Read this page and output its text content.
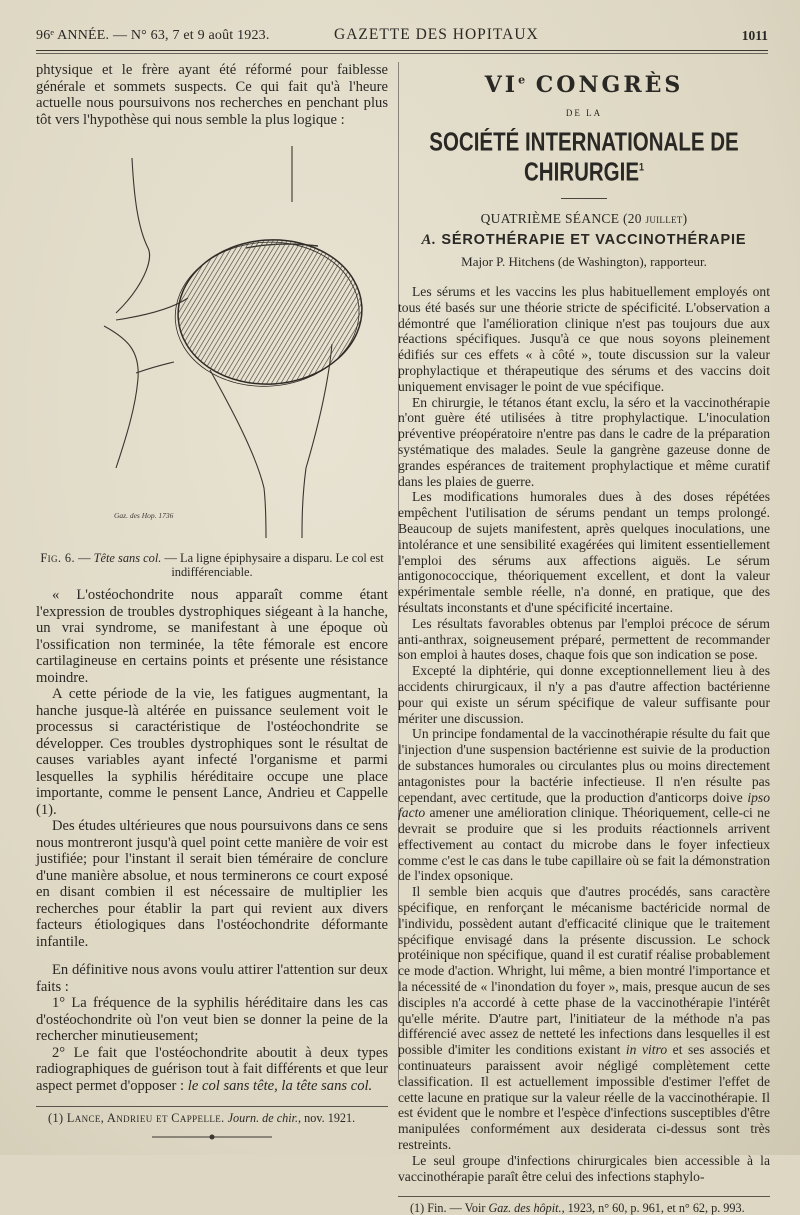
96ᵉ ANNÉE. — N° 63, 7 et 9 août 1923.	GAZETTE DES HOPITAUX	1011

phtysique et le frère ayant été réformé pour faiblesse générale et sommets suspects. Ce qui fait qu'à l'heure actuelle nous poursuivons nos recherches en penchant plus tôt vers l'hypothèse qui nous semble la plus logique :

Gaz. des Hop. 1736
Fig. 6. — Tête sans col. — La ligne épiphysaire a disparu. Le col est indifférenciable.

« L'ostéochondrite nous apparaît comme étant l'expression de troubles dystrophiques siégeant à la hanche, un vrai syndrome, se manifestant à une époque où l'ossification non terminée, la tête fémorale est encore cartilagineuse en certains points et présente une résistance moindre.

A cette période de la vie, les fatigues augmentant, la hanche jusque-là altérée en puissance seulement voit le processus si caractéristique de l'ostéochondrite se développer. Ces troubles dystrophiques sont le résultat de causes variables ayant infecté l'organisme et parmi lesquelles la syphilis héréditaire occupe une place importante, comme le pensent Lance, Andrieu et Cappelle (1).

Des études ultérieures que nous poursuivons dans ce sens nous montreront jusqu'à quel point cette manière de voir est justifiée; pour l'instant il serait bien téméraire de conclure d'une manière absolue, et nous terminerons ce court exposé en disant combien il est nécessaire de multiplier les recherches pour établir la part qui revient aux divers facteurs étiologiques dans l'ostéochondrite déformante infantile.

En définitive nous avons voulu attirer l'attention sur deux faits :

1° La fréquence de la syphilis héréditaire dans les cas d'ostéochondrite où l'on veut bien se donner la peine de la rechercher minutieusement;

2° Le fait que l'ostéochondrite aboutit à deux types radiographiques de guérison tout à fait différents et que leur aspect permet d'opposer : le col sans tête, la tête sans col.

(1) Lance, Andrieu et Cappelle. Journ. de chir., nov. 1921.

VIe CONGRÈS
DE LA
SOCIÉTÉ INTERNATIONALE DE CHIRURGIE$^1$
QUATRIÈME SÉANCE (20 juillet)
A. SÉROTHÉRAPIE ET VACCINOTHÉRAPIE
Major P. Hitchens (de Washington), rapporteur.

Les sérums et les vaccins les plus habituellement employés ont tous été basés sur une théorie stricte de spécificité. L'observation a démontré que l'amélioration clinique n'est pas toujours due aux réactions spécifiques. Jusqu'à ce que nous soyons pleinement édifiés sur ces effets « à côté », toute discussion sur la valeur prophylactique et thérapeutique des sérums et des vaccins doit uniquement envisager le point de vue spécifique.

En chirurgie, le tétanos étant exclu, la séro et la vaccinothérapie n'ont guère été utilisées à titre prophylactique. L'inoculation préventive préopératoire n'entre pas dans le cadre de la préparation systématique des malades. Seule la gangrène gazeuse donne de grandes espérances de traitement prophylactique et même curatif dans les plaies de guerre.

Les modifications humorales dues à des doses répétées empêchent l'utilisation de sérums pendant un temps prolongé. Beaucoup de sujets manifestent, après quelques inoculations, une intolérance et une sensibilité exagérées qui limitent essentiellement l'emploi des sérums aux affections aiguës. Le sérum antigonococcique, théoriquement excellent, et dont la valeur expérimentale semble réelle, n'a donné, en pratique, que des résultats inconstants et d'une spécificité incertaine.

Les résultats favorables obtenus par l'emploi précoce de sérum anti-anthrax, soigneusement préparé, permettent de recommander son emploi à hautes doses, chaque fois que son indication se pose.

Excepté la diphtérie, qui donne exceptionnellement lieu à des accidents chirurgicaux, il n'y a pas d'autre affection bactérienne pour qui existe un sérum spécifique de valeur suffisante pour mériter une discussion.

Un principe fondamental de la vaccinothérapie résulte du fait que l'injection d'une suspension bactérienne est suivie de la production de substances humorales ou circulantes plus ou moins directement antagonistes pour la bactérie infectieuse. Il n'en résulte pas cependant, avec certitude, que la production d'anticorps doive ipso facto amener une amélioration clinique. Théoriquement, celle-ci ne devrait se produire que si les produits réactionnels arrivent effectivement au contact du microbe dans le foyer infectieux comme c'est le cas dans le tube capillaire où se fait la démonstration de l'index opsonique.

Il semble bien acquis que d'autres procédés, sans caractère spécifique, en renforçant le mécanisme bactéricide normal de l'individu, possèdent autant d'efficacité clinique que le traitement spécifique envisagé dans la présente discussion. Le schock protéinique non spécifique, quand il est curatif réalise probablement ce mode d'action. Whright, lui même, a bien montré l'importance et la nécessité de « l'inondation du foyer », mais, presque aucun de ses disciples n'a accordé à cette phase de la vaccinothérapie l'intérêt qu'elle mérite. D'autre part, l'initiateur de la méthode n'a pas différencié avec assez de netteté les infections dans lesquelles il est possible d'imiter les conditions existant in vitro et ses associés et continuateurs paraissent avoir négligé complètement cette classification. Il est actuellement impossible d'estimer l'effet de cette lacune en pratique sur la valeur réelle de la vaccinothérapie. Il est évident que le nombre et l'espèce d'infections susceptibles d'être manipulées conformément aux desiderata ci-dessus sont très restreints.

Le seul groupe d'infections chirurgicales bien accessible à la vaccinothérapie paraît être celui des infections staphylo-

(1) Fin. — Voir Gaz. des hôpit., 1923, n° 60, p. 961, et n° 62, p. 993.
